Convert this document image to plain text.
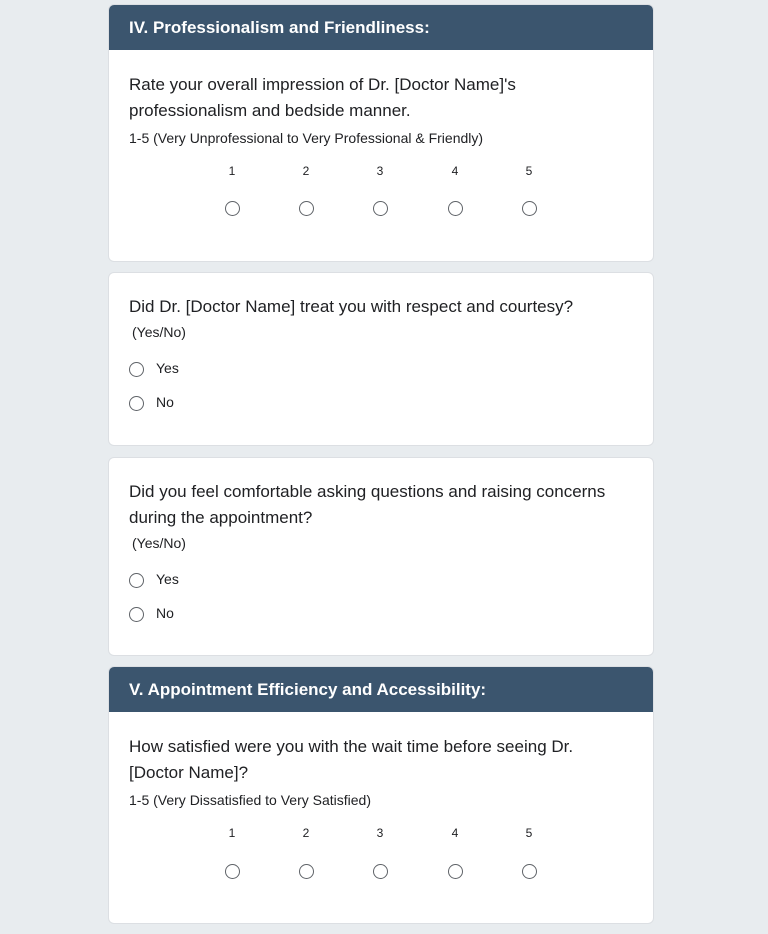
IV. Professionalism and Friendliness:

Rate your overall impression of Dr. [Doctor Name]'s

professionalism and bedside manner.

1-5 (Very Unprofessional to Very Professional & Friendly)

1	2	3	4	5

Did Dr. [Doctor Name] treat you with respect and courtesy?

(Yes/No)

Yes
No

Did you feel comfortable asking questions and raising concerns

during the appointment?

(Yes/No)

Yes
No
V. Appointment Efficiency and Accessibility:

How satisfied were you with the wait time before seeing Dr.

[Doctor Name]?

1-5 (Very Dissatisfied to Very Satisfied)

1	2	3	4	5
